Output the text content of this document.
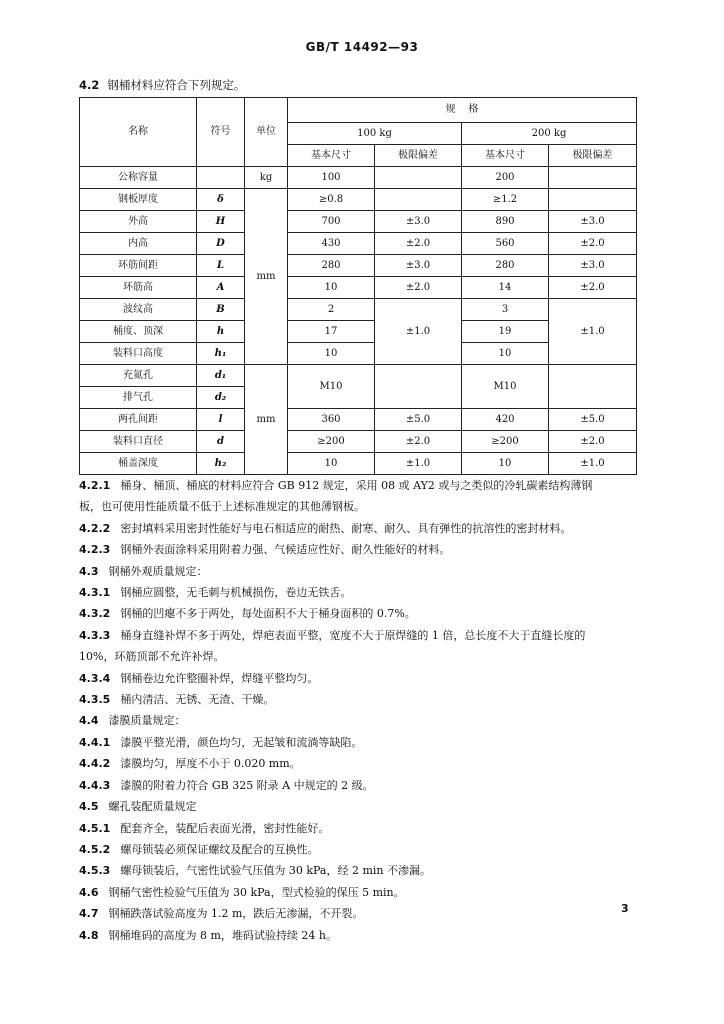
GB/T 14492—93
4.2 钢桶材料应符合下列规定。
名称	符号	单位	规    格			
			100 kg		200 kg	
			基本尺寸	极限偏差	基本尺寸	极限偏差
公称容量		kg	100		200	
钢板厚度	δ	mm	≥0.8		≥1.2	
外高	H		700	±3.0	890	±3.0
内高	D		430	±2.0	560	±2.0
环筋间距	L		280	±3.0	280	±3.0
环筋高	A		10	±2.0	14	±2.0
波纹高	B		2	±1.0	3	±1.0
桶度、顶深	h		17		19	
装料口高度	h₁		10		10	
充氮孔	d₁	mm	M10		M10	
排气孔	d₂					
两孔间距	l		360	±5.0	420	±5.0
装料口直径	d		≥200	±2.0	≥200	±2.0
桶盖深度	h₂		10	±1.0	10	±1.0
4.2.1 桶身、桶顶、桶底的材料应符合 GB 912 规定，采用 08 或 AY2 或与之类似的冷轧碳素结构薄钢
板，也可使用性能质量不低于上述标准规定的其他薄钢板。
4.2.2 密封填料采用密封性能好与电石相适应的耐热、耐寒、耐久、具有弹性的抗溶性的密封材料。
4.2.3 钢桶外表面涂料采用附着力强、气候适应性好、耐久性能好的材料。
4.3 钢桶外观质量规定：
4.3.1 钢桶应圆整，无毛刺与机械损伤，卷边无铁舌。
4.3.2 钢桶的凹瘪不多于两处，每处面积不大于桶身面积的 0.7%。
4.3.3 桶身直缝补焊不多于两处，焊疤表面平整，宽度不大于原焊缝的 1 倍，总长度不大于直缝长度的
10%，环筋顶部不允许补焊。
4.3.4 钢桶卷边允许整圈补焊，焊缝平整均匀。
4.3.5 桶内清洁、无锈、无渣、干燥。
4.4 漆膜质量规定：
4.4.1 漆膜平整光滑，颜色均匀，无起皱和流淌等缺陷。
4.4.2 漆膜均匀，厚度不小于 0.020 mm。
4.4.3 漆膜的附着力符合 GB 325 附录 A 中规定的 2 级。
4.5 螺孔装配质量规定
4.5.1 配套齐全，装配后表面光滑，密封性能好。
4.5.2 螺母锁装必须保证螺纹及配合的互换性。
4.5.3 螺母锁装后，气密性试验气压值为 30 kPa，经 2 min 不渗漏。
4.6 钢桶气密性检验气压值为 30 kPa，型式检验的保压 5 min。
4.7 钢桶跌落试验高度为 1.2 m，跌后无渗漏，不开裂。
4.8 钢桶堆码的高度为 8 m，堆码试验持续 24 h。
3
